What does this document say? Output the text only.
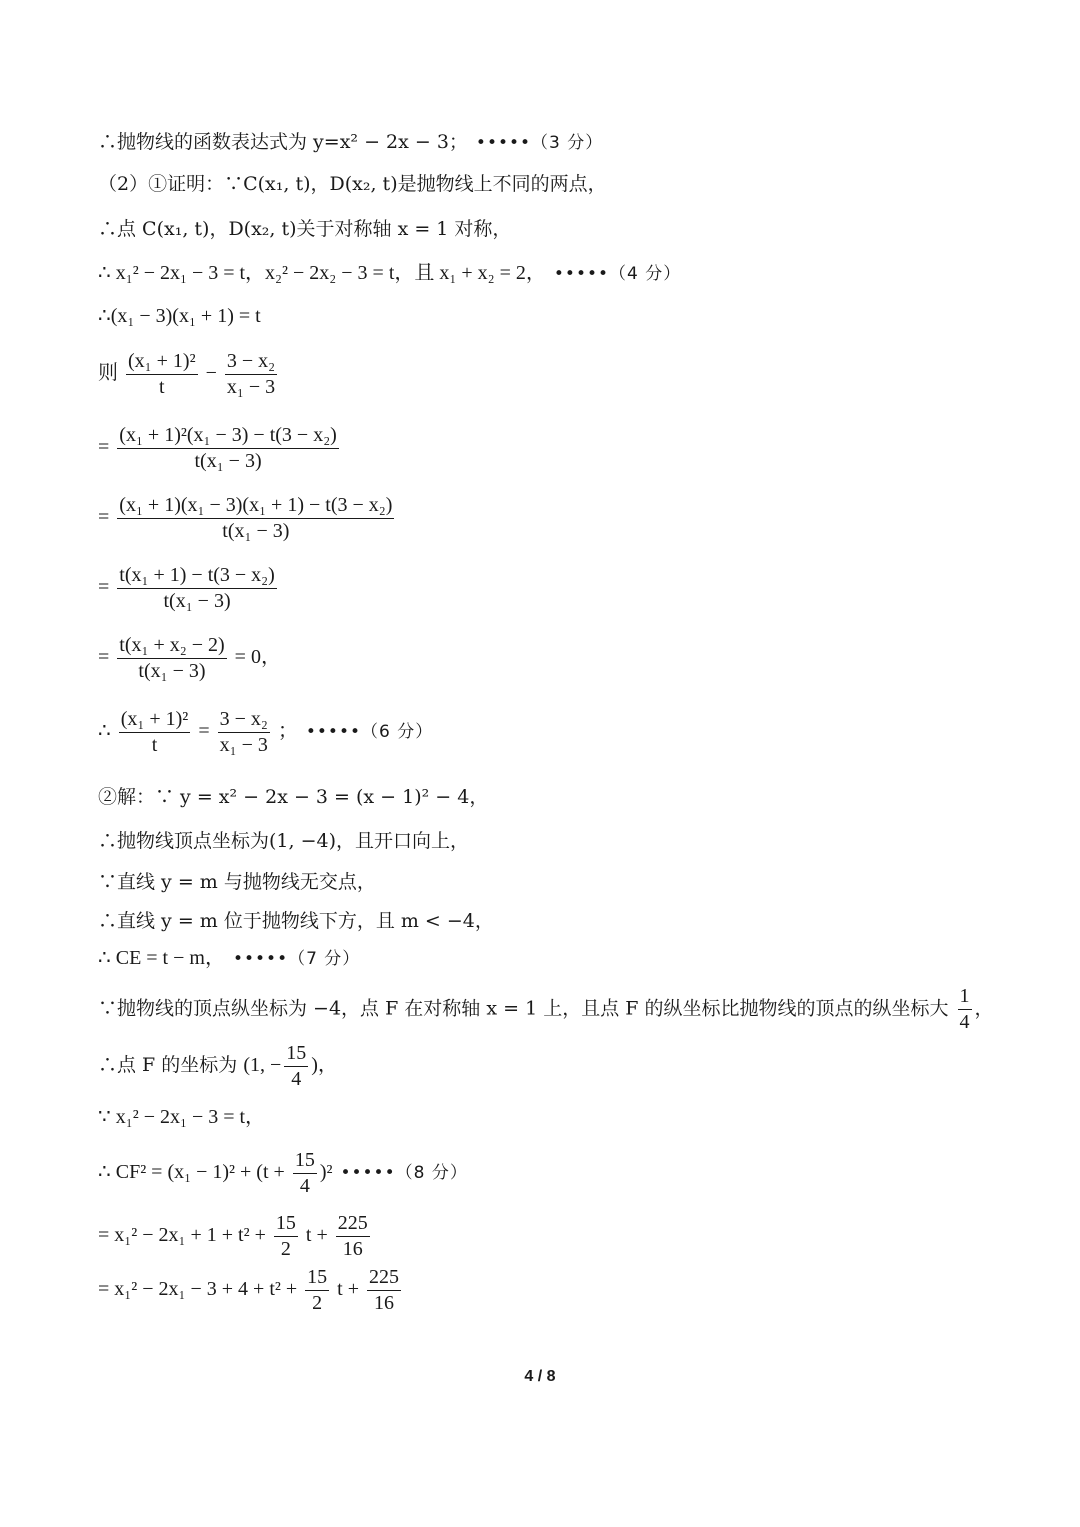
∴抛物线的函数表达式为 y=x² − 2x − 3； •••••（3 分）
（2）①证明：∵C(x₁, t)，D(x₂, t)是抛物线上不同的两点，
∴点 C(x₁, t)，D(x₂, t)关于对称轴 x = 1 对称，
∴ x₁² − 2x₁ − 3 = t，x₂² − 2x₂ − 3 = t，且 x₁ + x₂ = 2， •••••（4 分）
∴(x₁ − 3)(x₁ + 1) = t
则 $\frac{\text{(x₁ + 1)²}}{t} - \frac{\text{3 − x₂}}{\text{x₁ − 3}}$
= $\frac{\text{(x₁ + 1)²(x₁ − 3) − t(3 − x₂)}}{\text{t(x₁ − 3)}}$
= $\frac{\text{(x₁ + 1)(x₁ − 3)(x₁ + 1) − t(3 − x₂)}}{\text{t(x₁ − 3)}}$
= $\frac{\text{t(x₁ + 1) − t(3 − x₂)}}{\text{t(x₁ − 3)}}$
= $\frac{\text{t(x₁ + x₂ − 2)}}{\text{t(x₁ − 3)}} = 0$，
∴ $\frac{\text{(x₁ + 1)²}}{t} = \frac{\text{3 − x₂}}{\text{x₁ − 3}}$ ； •••••（6 分）
②解：∵ y = x² − 2x − 3 = (x − 1)² − 4，
∴抛物线顶点坐标为(1, −4)，且开口向上，
∵直线 y = m 与抛物线无交点，
∴直线 y = m 位于抛物线下方，且 m < −4，
∴ CE = t − m， •••••（7 分）
∵抛物线的顶点纵坐标为 −4，点 F 在对称轴 x = 1 上，且点 F 的纵坐标比抛物线的顶点的纵坐标大 $\frac{1}{4}$ ，
∴点 F 的坐标为 (1, − $\frac{15}{4}$ )，
∵ x₁² − 2x₁ − 3 = t，
∴ $CF^2 = (x_1 - 1)^2 + (t + \frac{15}{4} )^2$ •••••（8 分）
= $x_1^2 - 2x_1 + 1 + t^2 + \frac{15}{2}$ $t + \frac{225}{16}$
= $x_1^2 - 2x_1 - 3 + 4 + t^2 + \frac{15}{2}$ $t + \frac{225}{16}$
4 / 8
